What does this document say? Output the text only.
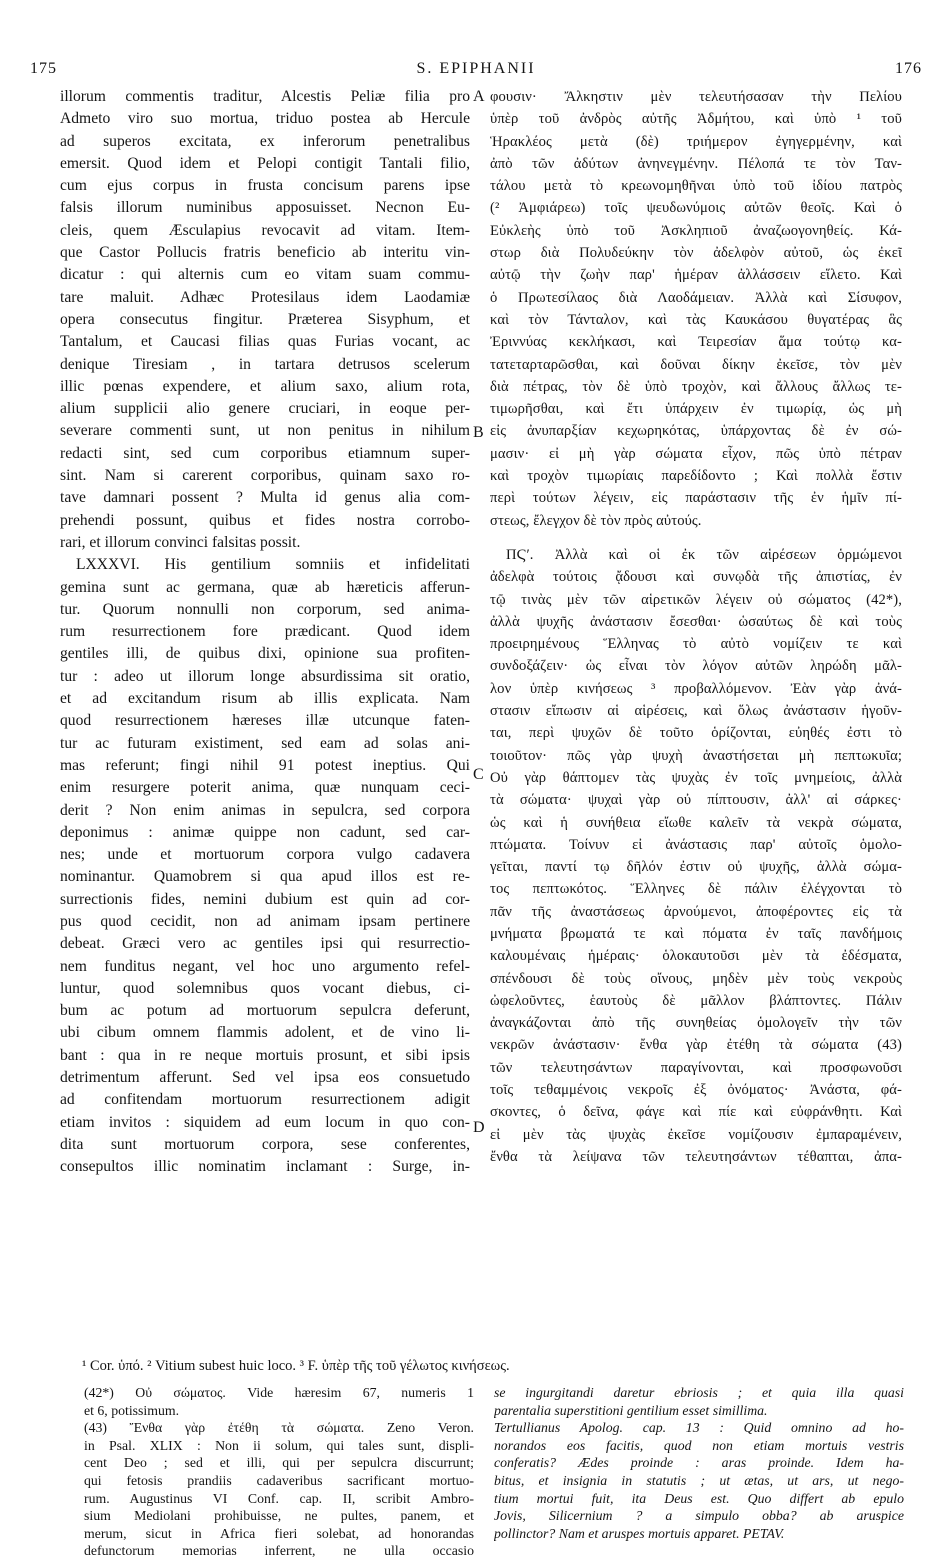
175	S. EPIPHANII	176
illorum commentis traditur, Alcestis Peliæ filia pro
Admeto viro suo mortua, triduo postea ab Hercule
ad superos excitata, ex inferorum penetralibus
emersit. Quod idem et Pelopi contigit Tantali filio,
cum ejus corpus in frusta concisum parens ipse
falsis illorum numinibus apposuisset. Necnon Eu-
cleis, quem Æsculapius revocavit ad vitam. Item-
que Castor Pollucis fratris beneficio ab interitu vin-
dicatur : qui alternis cum eo vitam suam commu-
tare maluit. Adhæc Protesilaus idem Laodamiæ
opera consecutus fingitur. Præterea Sisyphum, et
Tantalum, et Caucasi filias quas Furias vocant, ac
denique Tiresiam , in tartara detrusos scelerum
illic pœnas expendere, et alium saxo, alium rota,
alium supplicii alio genere cruciari, in eoque per-
severare commenti sunt, ut non penitus in nihilum
redacti sint, sed cum corporibus etiamnum super-
sint. Nam si carerent corporibus, quinam saxo ro-
tave damnari possent ? Multa id genus alia com-
prehendi possunt, quibus et fides nostra corrobo-
rari, et illorum convinci falsitas possit.
LXXXVI. His gentilium somniis et infidelitati
gemina sunt ac germana, quæ ab hæreticis afferun-
tur. Quorum nonnulli non corporum, sed anima-
rum resurrectionem fore prædicant. Quod idem
gentiles illi, de quibus dixi, opinione sua profiten-
tur : adeo ut illorum longe absurdissima sit oratio,
et ad excitandum risum ab illis explicata. Nam
quod resurrectionem hæreses illæ utcunque faten-
tur ac futuram existiment, sed eam ad solas ani-
mas referunt; fingi nihil 91 potest ineptius. Qui
enim resurgere poterit anima, quæ nunquam ceci-
derit ? Non enim animas in sepulcra, sed corpora
deponimus : animæ quippe non cadunt, sed car-
nes; unde et mortuorum corpora vulgo cadavera
nominantur. Quamobrem si qua apud illos est re-
surrectionis fides, nemini dubium est quin ad cor-
pus quod cecidit, non ad animam ipsam pertinere
debeat. Græci vero ac gentiles ipsi qui resurrectio-
nem funditus negant, vel hoc uno argumento refel-
luntur, quod solemnibus quos vocant diebus, ci-
bum ac potum ad mortuorum sepulcra deferunt,
ubi cibum omnem flammis adolent, et de vino li-
bant : qua in re neque mortuis prosunt, et sibi ipsis
detrimentum afferunt. Sed vel ipsa eos consuetudo
ad confitendam mortuorum resurrectionem adigit
etiam invitos : siquidem ad eum locum in quo con-
dita sunt mortuorum corpora, sese conferentes,
consepultos illic nominatim inclamant : Surge, in-
φουσιν· Ἄλκηστιν μὲν τελευτήσασαν τὴν Πελίου
ὑπὲρ τοῦ ἀνδρὸς αὐτῆς Ἀδμήτου, καὶ ὑπὸ ¹ τοῦ
Ἡρακλέος μετὰ (δὲ) τριήμερον ἐγηγερμένην, καὶ
ἀπὸ τῶν ἀδύτων ἀνηνεγμένην. Πέλοπά τε τὸν Ταν-
τάλου μετὰ τὸ κρεωνομηθῆναι ὑπὸ τοῦ ἰδίου πατρὸς
(² Ἀμφιάρεω) τοῖς ψευδωνύμοις αὐτῶν θεοῖς. Καὶ ὁ
Εὐκλεὴς ὑπὸ τοῦ Ἀσκληπιοῦ ἀναζωογονηθείς. Κά-
στωρ διὰ Πολυδεύκην τὸν ἀδελφὸν αὐτοῦ, ὡς ἐκεῖ
αὐτῷ τὴν ζωὴν παρ' ἡμέραν ἀλλάσσειν εἵλετο. Καὶ
ὁ Πρωτεσίλαος διὰ Λαοδάμειαν. Ἀλλὰ καὶ Σίσυφον,
καὶ τὸν Τάνταλον, καὶ τὰς Καυκάσου θυγατέρας ἃς
Ἐριννύας κεκλήκασι, καὶ Τειρεσίαν ἅμα τούτῳ κα-
τατεταρταρῶσθαι, καὶ δοῦναι δίκην ἐκεῖσε, τὸν μὲν
διὰ πέτρας, τὸν δὲ ὑπὸ τροχὸν, καὶ ἄλλους ἄλλως τε-
τιμωρῆσθαι, καὶ ἔτι ὑπάρχειν ἐν τιμωρίᾳ, ὡς μὴ
εἰς ἀνυπαρξίαν κεχωρηκότας, ὑπάρχοντας δὲ ἐν σώ-
μασιν· εἰ μὴ γὰρ σώματα εἶχον, πῶς ὑπὸ πέτραν
καὶ τροχὸν τιμωρίαις παρεδίδοντο ; Καὶ πολλὰ ἔστιν
περὶ τούτων λέγειν, εἰς παράστασιν τῆς ἐν ἡμῖν πί-
στεως, ἔλεγχον δὲ τὸν πρὸς αὐτούς.
ΠϚʹ. Ἀλλὰ καὶ οἱ ἐκ τῶν αἱρέσεων ὁρμώμενοι
ἀδελφὰ τούτοις ᾄδουσι καὶ συνῳδὰ τῆς ἀπιστίας, ἐν
τῷ τινὰς μὲν τῶν αἱρετικῶν λέγειν οὐ σώματος (42*),
ἀλλὰ ψυχῆς ἀνάστασιν ἔσεσθαι· ὡσαύτως δὲ καὶ τοὺς
προειρημένους Ἕλληνας τὸ αὐτὸ νομίζειν τε καὶ
συνδοξάζειν· ὡς εἶναι τὸν λόγον αὐτῶν ληρώδη μᾶλ-
λον ὑπὲρ κινήσεως ³ προβαλλόμενον. Ἐὰν γὰρ ἀνά-
στασιν εἴπωσιν αἱ αἱρέσεις, καὶ ὅλως ἀνάστασιν ἡγοῦν-
ται, περὶ ψυχῶν δὲ τοῦτο ὁρίζονται, εὐηθές ἐστι τὸ
τοιοῦτον· πῶς γὰρ ψυχὴ ἀναστήσεται μὴ πεπτωκυῖα;
Οὐ γὰρ θάπτομεν τὰς ψυχὰς ἐν τοῖς μνημείοις, ἀλλὰ
τὰ σώματα· ψυχαὶ γὰρ οὐ πίπτουσιν, ἀλλ' αἱ σάρκες·
ὡς καὶ ἡ συνήθεια εἴωθε καλεῖν τὰ νεκρὰ σώματα,
πτώματα. Τοίνυν εἰ ἀνάστασις παρ' αὐτοῖς ὁμολο-
γεῖται, παντί τῳ δῆλόν ἐστιν οὐ ψυχῆς, ἀλλὰ σώμα-
τος πεπτωκότος. Ἕλληνες δὲ πάλιν ἐλέγχονται τὸ
πᾶν τῆς ἀναστάσεως ἀρνούμενοι, ἀποφέροντες εἰς τὰ
μνήματα βρωματά τε καὶ πόματα ἐν ταῖς πανδήμοις
καλουμέναις ἡμέραις· ὁλοκαυτοῦσι μὲν τὰ ἐδέσματα,
σπένδουσι δὲ τοὺς οἴνους, μηδὲν μὲν τοὺς νεκροὺς
ὠφελοῦντες, ἑαυτοὺς δὲ μᾶλλον βλάπτοντες. Πάλιν
ἀναγκάζονται ἀπὸ τῆς συνηθείας ὁμολογεῖν τὴν τῶν
νεκρῶν ἀνάστασιν· ἔνθα γὰρ ἐτέθη τὰ σώματα (43)
τῶν τελευτησάντων παραγίνονται, καὶ προσφωνοῦσι
τοῖς τεθαμμένοις νεκροῖς ἐξ ὀνόματος· Ἀνάστα, φά-
σκοντες, ὁ δεῖνα, φάγε καὶ πίε καὶ εὐφράνθητι. Καὶ
εἰ μὲν τὰς ψυχὰς ἐκεῖσε νομίζουσιν ἐμπαραμένειν,
ἔνθα τὰ λείψανα τῶν τελευτησάντων τέθαπται, ἀπα-
A
B
C
D
¹ Cor. ὑπό. ² Vitium subest huic loco. ³ F. ὑπὲρ τῆς τοῦ γέλωτος κινήσεως.
(42*) Οὐ σώματος. Vide hæresim 67, numeris 1
et 6, potissimum.
(43) Ἔνθα γὰρ ἐτέθη τὰ σώματα. Zeno Veron.
in Psal. XLIX : Non ii solum, qui tales sunt, displi-
cent Deo ; sed et illi, qui per sepulcra discurrunt;
qui fetosis prandiis cadaveribus sacrificant mortuo-
rum. Augustinus VI Conf. cap. II, scribit Ambro-
sium Mediolani prohibuisse, ne pultes, panem, et
merum, sicut in Africa fieri solebat, ad honorandas
defunctorum memorias inferrent, ne ulla occasio
se ingurgitandi daretur ebriosis ; et quia illa quasi
parentalia superstitioni gentilium esset simillima.
Tertullianus Apolog. cap. 13 : Quid omnino ad ho-
norandos eos facitis, quod non etiam mortuis vestris
conferatis? Ædes proinde : aras proinde. Idem ha-
bitus, et insignia in statutis ; ut ætas, ut ars, ut nego-
tium mortui fuit, ita Deus est. Quo differt ab epulo
Jovis, Silicernium ? a simpulo obba? ab aruspice
pollinctor? Nam et aruspes mortuis apparet. PETAV.
